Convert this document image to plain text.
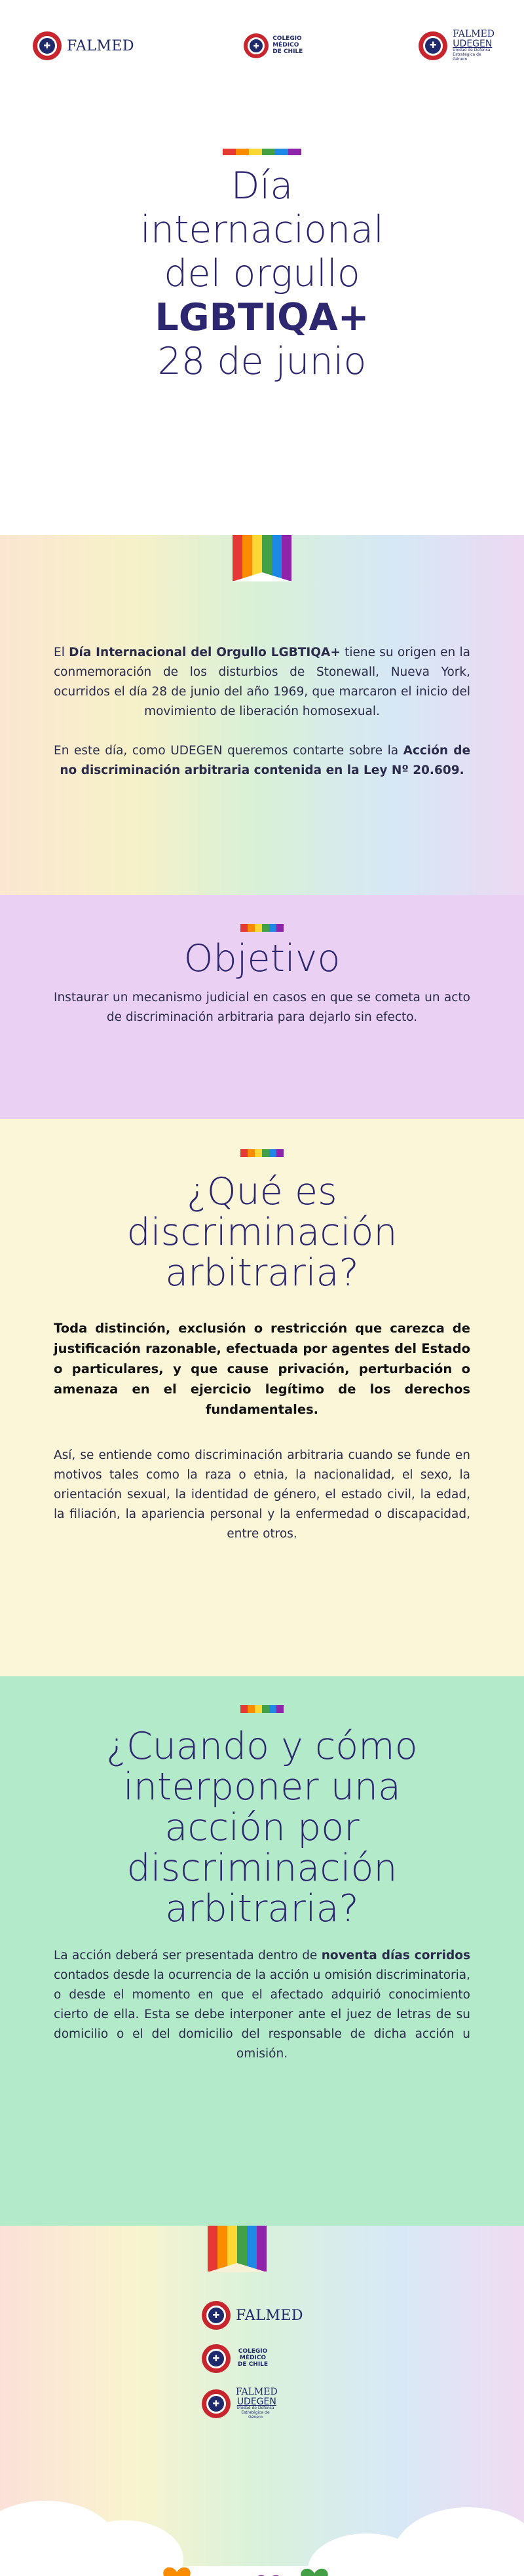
✚	FALMED	✚
COLEGIO MÉDICO DE CHILE
✚
FALMED
UDEGEN
Unidad de Defensa Estratégica de Género
Día
internacional
del orgullo
LGBTIQA+
28 de junio

El Día Internacional del Orgullo LGBTIQA+ tiene su origen en la conmemoración de los disturbios de Stonewall, Nueva York, ocurridos el día 28 de junio del año 1969, que marcaron el inicio del movimiento de liberación homosexual.

En este día, como UDEGEN queremos contarte sobre la Acción de no discriminación arbitraria contenida en la Ley Nº 20.609.

Objetivo
Instaurar un mecanismo judicial en casos en que se cometa un acto de discriminación arbitraria para dejarlo sin efecto.
¿Qué es
discriminación
arbitraria?
Toda distinción, exclusión o restricción que carezca de justificación razonable, efectuada por agentes del Estado o particulares, y que cause privación, perturbación o amenaza en el ejercicio legítimo de los derechos fundamentales.
Así, se entiende como discriminación arbitraria cuando se funde en motivos tales como la raza o etnia, la nacionalidad, el sexo, la orientación sexual, la identidad de género, el estado civil, la edad, la filiación, la apariencia personal y la enfermedad o discapacidad, entre otros.
¿Cuando y cómo
interponer una
acción por
discriminación
arbitraria?
La acción deberá ser presentada dentro de noventa días corridos contados desde la ocurrencia de la acción u omisión discriminatoria, o desde el momento en que el afectado adquirió conocimiento cierto de ella. Esta se debe interponer ante el juez de letras de su domicilio o el del domicilio del responsable de dicha acción u omisión.
✚	FALMED
✚
COLEGIO MÉDICO DE CHILE
✚
FALMED
UDEGEN
Unidad de Defensa Estratégica de Género
